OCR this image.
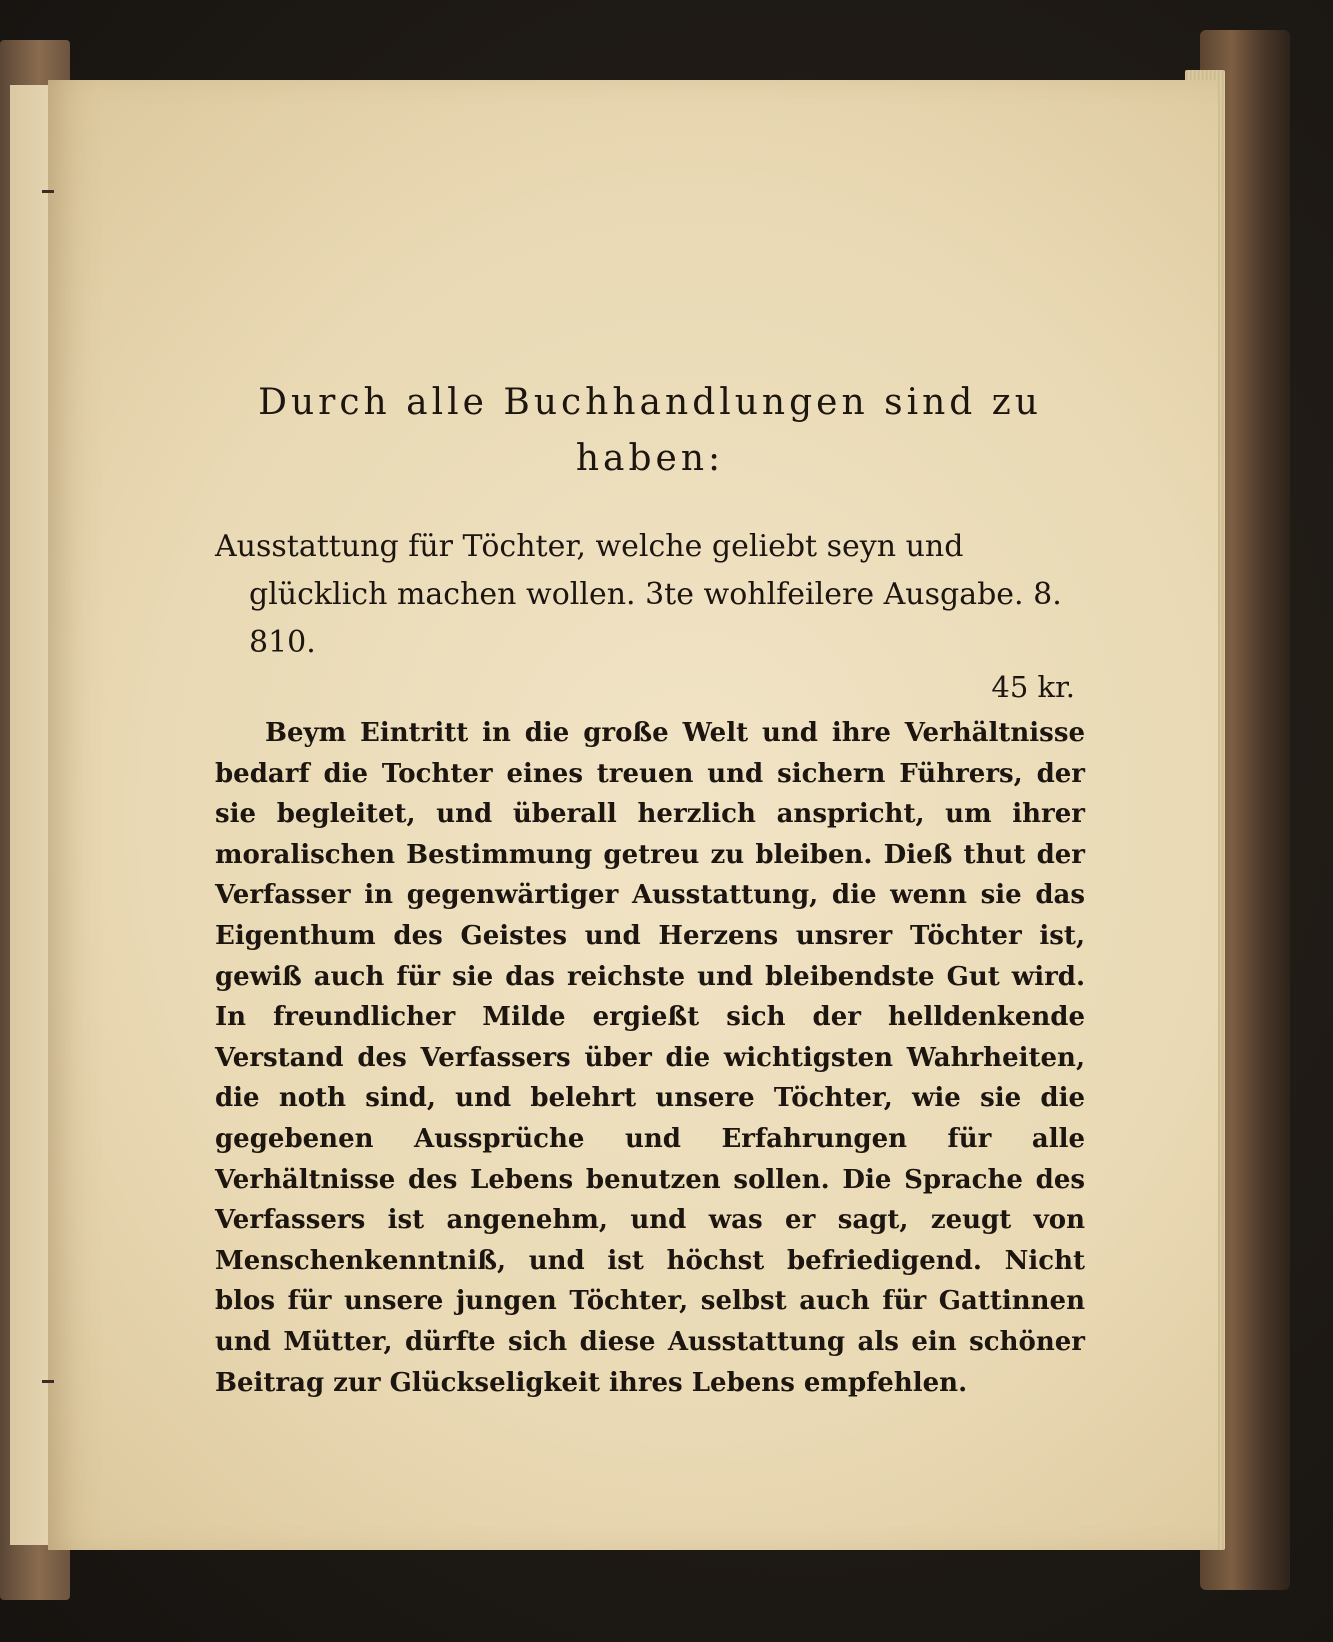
Durch alle Buchhandlungen sind zu
haben:

Ausstattung für Töchter, welche geliebt seyn und glücklich machen wollen. 3te wohlfeilere Ausgabe. 8. 810.
45 kr.
Beym Eintritt in die große Welt und ihre Verhältnisse bedarf die Tochter eines treuen und sichern Führers, der sie begleitet, und überall herzlich anspricht, um ihrer moralischen Bestimmung getreu zu bleiben. Dieß thut der Verfasser in gegenwärtiger Ausstattung, die wenn sie das Eigenthum des Geistes und Herzens unsrer Töchter ist, gewiß auch für sie das reichste und bleibendste Gut wird. In freundlicher Milde ergießt sich der helldenkende Verstand des Verfassers über die wichtigsten Wahrheiten, die noth sind, und belehrt unsere Töchter, wie sie die gegebenen Aussprüche und Erfahrungen für alle Verhältnisse des Lebens benutzen sollen. Die Sprache des Verfassers ist angenehm, und was er sagt, zeugt von Menschenkenntniß, und ist höchst befriedigend. Nicht blos für unsere jungen Töchter, selbst auch für Gattinnen und Mütter, dürfte sich diese Ausstattung als ein schöner Beitrag zur Glückseligkeit ihres Lebens empfehlen.
